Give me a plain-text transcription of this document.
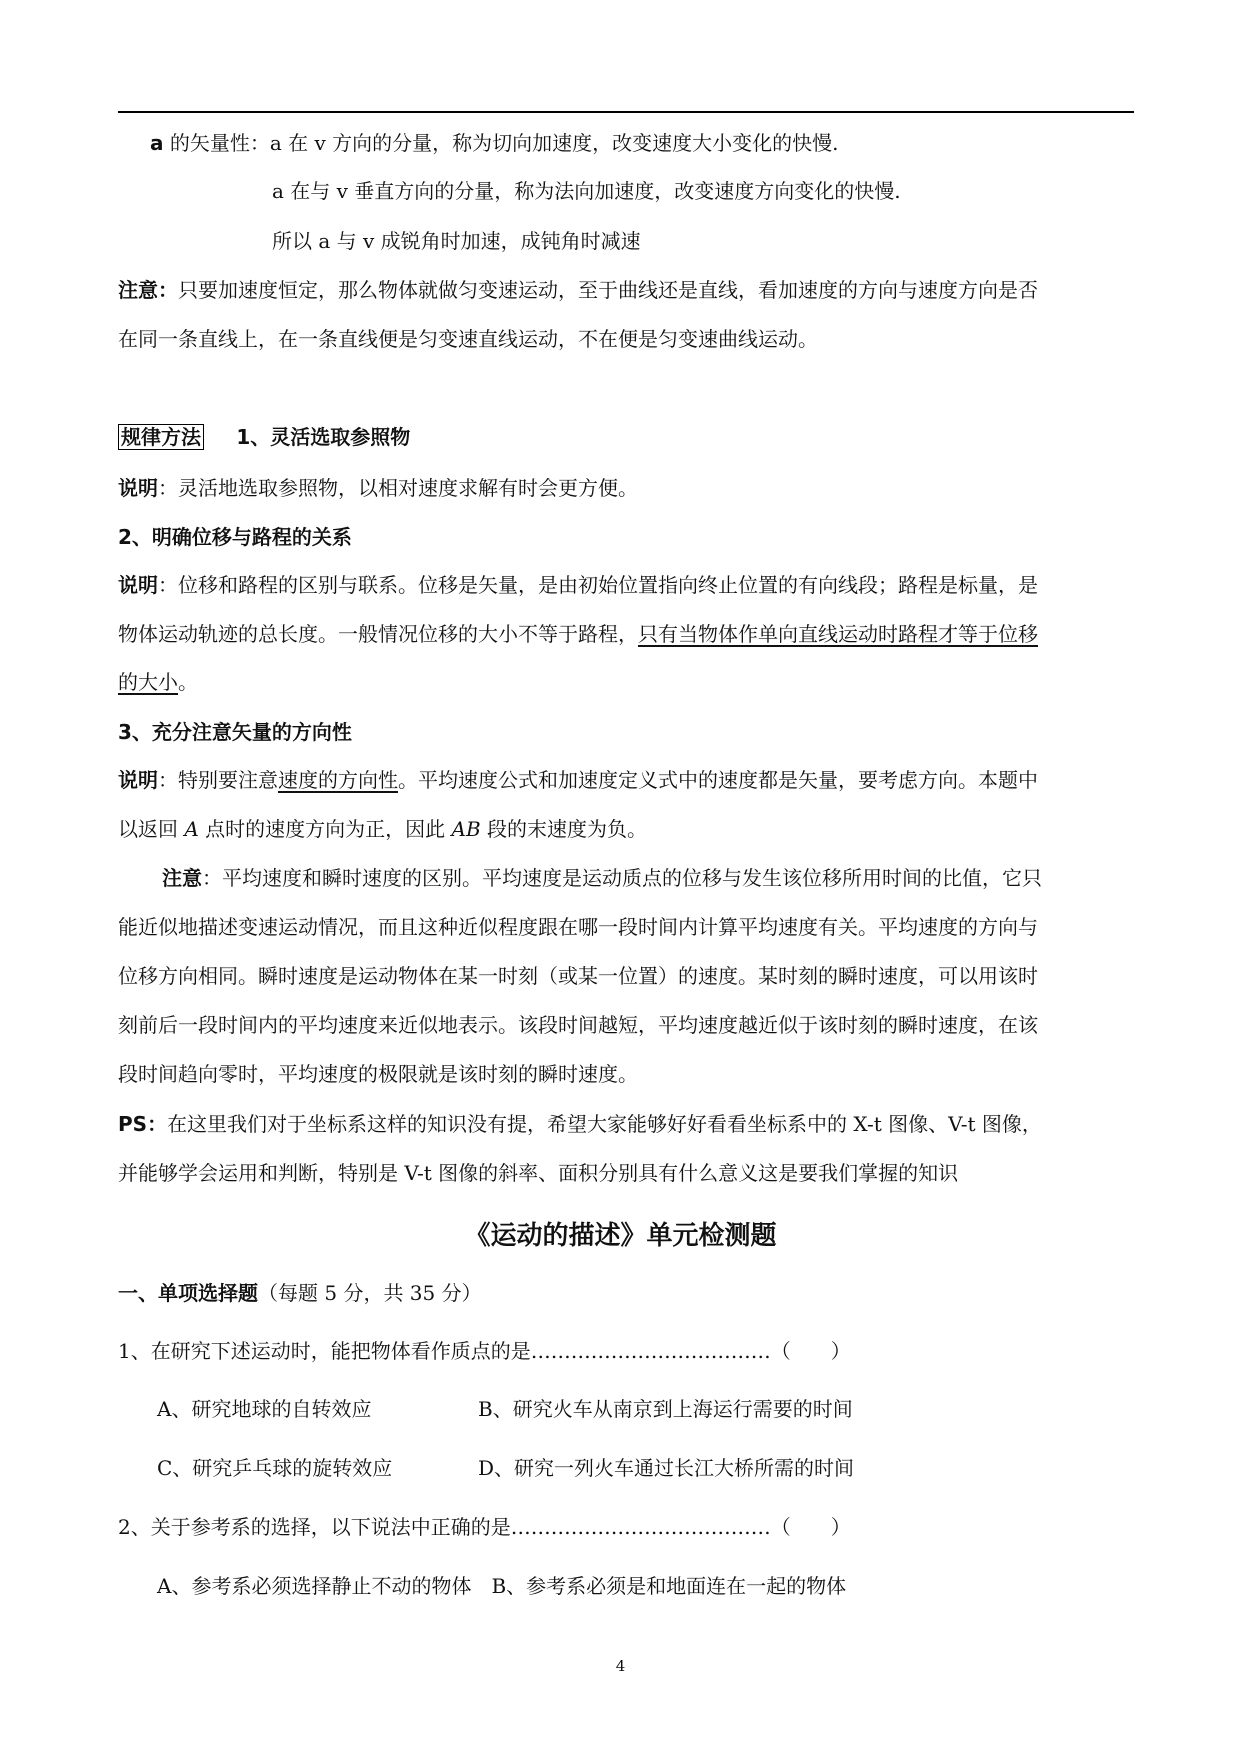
a 的矢量性：a 在 v 方向的分量，称为切向加速度，改变速度大小变化的快慢.
a 在与 v 垂直方向的分量，称为法向加速度，改变速度方向变化的快慢.
所以 a 与 v 成锐角时加速，成钝角时减速
注意：只要加速度恒定，那么物体就做匀变速运动，至于曲线还是直线，看加速度的方向与速度方向是否
在同一条直线上，在一条直线便是匀变速直线运动，不在便是匀变速曲线运动。
规律方法 1、灵活选取参照物
说明：灵活地选取参照物，以相对速度求解有时会更方便。
2、明确位移与路程的关系
说明：位移和路程的区别与联系。位移是矢量，是由初始位置指向终止位置的有向线段；路程是标量，是
物体运动轨迹的总长度。一般情况位移的大小不等于路程，只有当物体作单向直线运动时路程才等于位移
的大小。
3、充分注意矢量的方向性
说明：特别要注意速度的方向性。平均速度公式和加速度定义式中的速度都是矢量，要考虑方向。本题中
以返回 A 点时的速度方向为正，因此 AB 段的末速度为负。
注意：平均速度和瞬时速度的区别。平均速度是运动质点的位移与发生该位移所用时间的比值，它只
能近似地描述变速运动情况，而且这种近似程度跟在哪一段时间内计算平均速度有关。平均速度的方向与
位移方向相同。瞬时速度是运动物体在某一时刻（或某一位置）的速度。某时刻的瞬时速度，可以用该时
刻前后一段时间内的平均速度来近似地表示。该段时间越短，平均速度越近似于该时刻的瞬时速度，在该
段时间趋向零时，平均速度的极限就是该时刻的瞬时速度。
PS：在这里我们对于坐标系这样的知识没有提，希望大家能够好好看看坐标系中的 X-t 图像、V-t 图像，
并能够学会运用和判断，特别是 V-t 图像的斜率、面积分别具有什么意义这是要我们掌握的知识
《运动的描述》单元检测题
一、单项选择题（每题 5 分，共 35 分）
1、在研究下述运动时，能把物体看作质点的是………………………………（　　）
A、研究地球的自转效应	B、研究火车从南京到上海运行需要的时间
C、研究乒乓球的旋转效应	D、研究一列火车通过长江大桥所需的时间
2、关于参考系的选择，以下说法中正确的是…………………………………（　　）
A、参考系必须选择静止不动的物体　B、参考系必须是和地面连在一起的物体
4
